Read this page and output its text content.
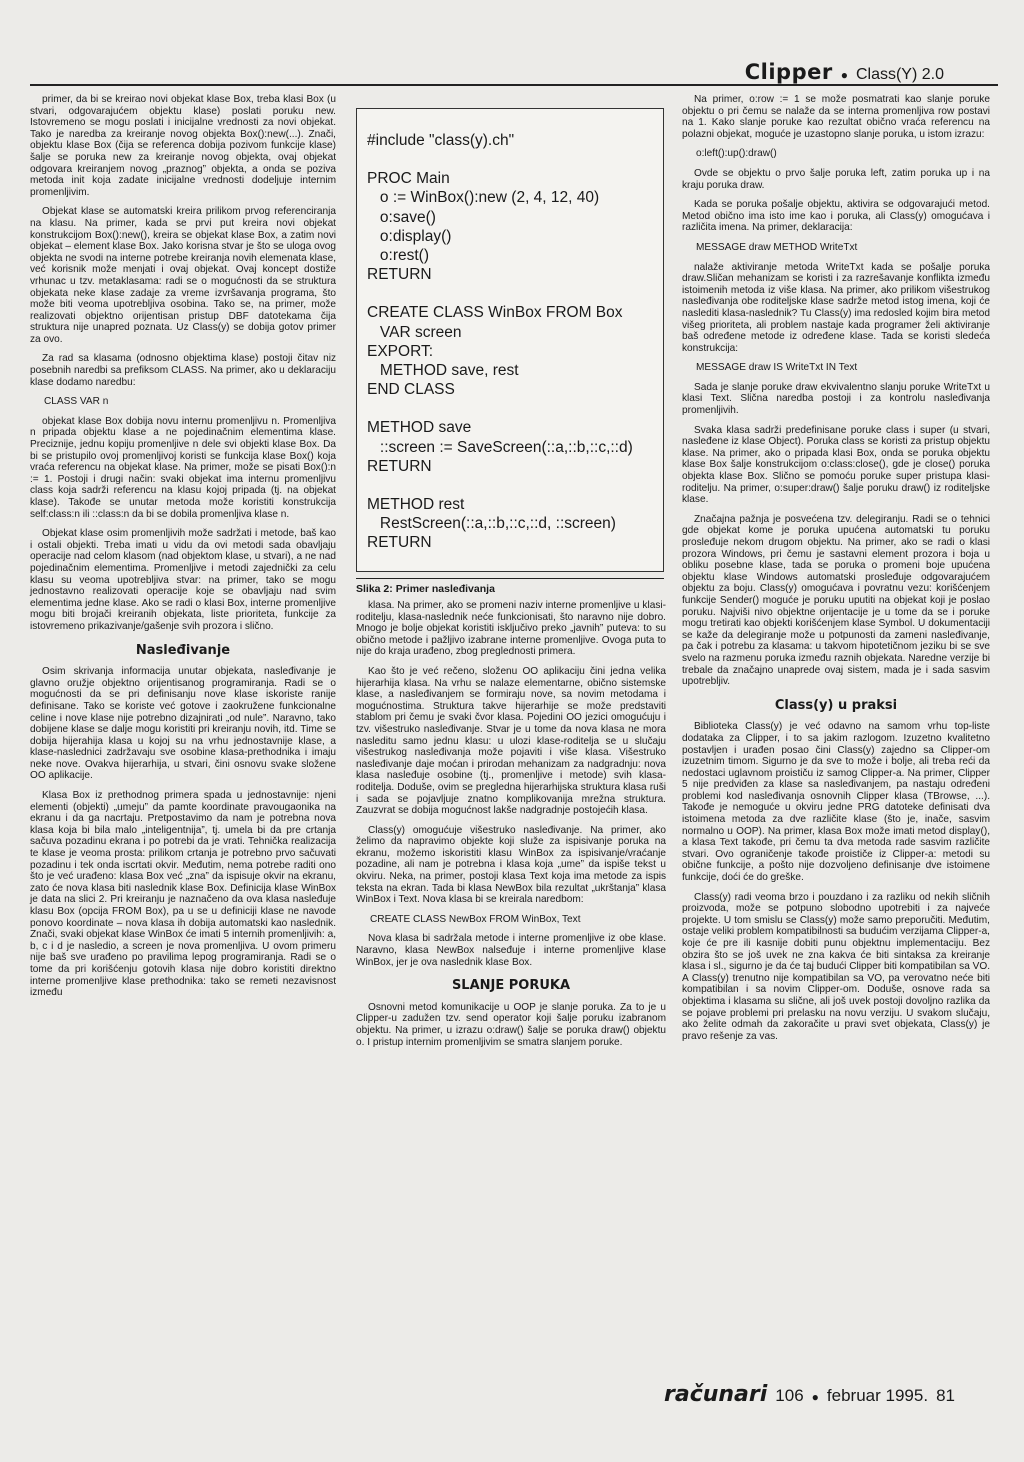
Clipper ● Class(Y) 2.0

primer, da bi se kreirao novi objekat klase Box, treba klasi Box (u stvari, odgovarajućem objektu klase) poslati poruku new. Istovremeno se mogu poslati i inicijalne vrednosti za novi objekat. Tako je naredba za kreiranje novog objekta Box():new(...). Znači, objektu klase Box (čija se referenca dobija pozivom funkcije klase) šalje se poruka new za kreiranje novog objekta, ovaj objekat odgovara kreiranjem novog „praznog” objekta, a onda se poziva metoda init koja zadate inicijalne vrednosti dodeljuje internim promenljivim.

Objekat klase se automatski kreira prilikom prvog referenciranja na klasu. Na primer, kada se prvi put kreira novi objekat konstrukcijom Box():new(), kreira se objekat klase Box, a zatim novi objekat – element klase Box. Jako korisna stvar je što se uloga ovog objekta ne svodi na interne potrebe kreiranja novih elemenata klase, već korisnik može menjati i ovaj objekat. Ovaj koncept dostiže vrhunac u tzv. metaklasama: radi se o mogućnosti da se struktura objekata neke klase zadaje za vreme izvršavanja programa, što može biti veoma upotrebljiva osobina. Tako se, na primer, može realizovati objektno orijentisan pristup DBF datotekama čija struktura nije unapred poznata. Uz Class(y) se dobija gotov primer za ovo.

Za rad sa klasama (odnosno objektima klase) postoji čitav niz posebnih naredbi sa prefiksom CLASS. Na primer, ako u deklaraciju klase dodamo naredbu:

CLASS VAR n

objekat klase Box dobija novu internu promenljivu n. Promenljiva n pripada objektu klase a ne pojedinačnim elementima klase. Preciznije, jednu kopiju promenljive n dele svi objekti klase Box. Da bi se pristupilo ovoj promenljivoj koristi se funkcija klase Box() koja vraća referencu na objekat klase. Na primer, može se pisati Box():n := 1. Postoji i drugi način: svaki objekat ima internu promenljivu class koja sadrži referencu na klasu kojoj pripada (tj. na objekat klase). Takođe se unutar metoda može koristiti konstrukcija self:class:n ili ::class:n da bi se dobila promenljiva klase n.

Objekat klase osim promenljivih može sadržati i metode, baš kao i ostali objekti. Treba imati u vidu da ovi metodi sada obavljaju operacije nad celom klasom (nad objektom klase, u stvari), a ne nad pojedinačnim elementima. Promenljive i metodi zajednički za celu klasu su veoma upotrebljiva stvar: na primer, tako se mogu jednostavno realizovati operacije koje se obavljaju nad svim elementima jedne klase. Ako se radi o klasi Box, interne promenljive mogu biti brojači kreiranih objekata, liste prioriteta, funkcije za istovremeno prikazivanje/gašenje svih prozora i slično.

Nasleđivanje

Osim skrivanja informacija unutar objekata, nasleđivanje je glavno oružje objektno orijentisanog programiranja. Radi se o mogućnosti da se pri definisanju nove klase iskoriste ranije definisane. Tako se koriste već gotove i zaokružene funkcionalne celine i nove klase nije potrebno dizajnirati „od nule”. Naravno, tako dobijene klase se dalje mogu koristiti pri kreiranju novih, itd. Time se dobija hijerahija klasa u kojoj su na vrhu jednostavnije klase, a klase-naslednici zadržavaju sve osobine klasa-prethodnika i imaju neke nove. Ovakva hijerarhija, u stvari, čini osnovu svake složene OO aplikacije.

Klasa Box iz prethodnog primera spada u jednostavnije: njeni elementi (objekti) „umeju” da pamte koordinate pravougaonika na ekranu i da ga nacrtaju. Pretpostavimo da nam je potrebna nova klasa koja bi bila malo „inteligentnija”, tj. umela bi da pre crtanja sačuva pozadinu ekrana i po potrebi da je vrati. Tehnička realizacija te klase je veoma prosta: prilikom crtanja je potrebno prvo sačuvati pozadinu i tek onda iscrtati okvir. Međutim, nema potrebe raditi ono što je već urađeno: klasa Box već „zna” da ispisuje okvir na ekranu, zato će nova klasa biti naslednik klase Box. Definicija klase WinBox je data na slici 2. Pri kreiranju je naznačeno da ova klasa nasleđuje klasu Box (opcija FROM Box), pa u se u definiciji klase ne navode ponovo koordinate – nova klasa ih dobija automatski kao naslednik. Znači, svaki objekat klase WinBox će imati 5 internih promenljivih: a, b, c i d je nasledio, a screen je nova promenljiva. U ovom primeru nije baš sve urađeno po pravilima lepog programiranja. Radi se o tome da pri korišćenju gotovih klasa nije dobro koristiti direktno interne promenljive klase prethodnika: tako se remeti nezavisnost između

#include "class(y).ch"
PROC Main
o := WinBox():new (2, 4, 12, 40)
o:save()
o:display()
o:rest()
RETURN
CREATE CLASS WinBox FROM Box
VAR screen
EXPORT:
METHOD save, rest
END CLASS
METHOD save
::screen := SaveScreen(::a,::b,::c,::d)
RETURN
METHOD rest
RestScreen(::a,::b,::c,::d, ::screen)
RETURN
Slika 2: Primer nasleđivanja

klasa. Na primer, ako se promeni naziv interne promenljive u klasi-roditelju, klasa-naslednik neće funkcionisati, što naravno nije dobro. Mnogo je bolje objekat koristiti isključivo preko „javnih” puteva: to su obično metode i pažljivo izabrane interne promenljive. Ovoga puta to nije do kraja urađeno, zbog preglednosti primera.

Kao što je već rečeno, složenu OO aplikaciju čini jedna velika hijerarhija klasa. Na vrhu se nalaze elementarne, obično sistemske klase, a nasleđivanjem se formiraju nove, sa novim metodama i mogućnostima. Struktura takve hijerarhije se može predstaviti stablom pri čemu je svaki čvor klasa. Pojedini OO jezici omogućuju i tzv. višestruko nasleđivanje. Stvar je u tome da nova klasa ne mora nasleditu samo jednu klasu: u ulozi klase-roditelja se u slučaju višestrukog nasleđivanja može pojaviti i više klasa. Višestruko nasleđivanje daje moćan i prirodan mehanizam za nadgradnju: nova klasa nasleđuje osobine (tj., promenljive i metode) svih klasa-roditelja. Doduše, ovim se pregledna hijerarhijska struktura klasa ruši i sada se pojavljuje znatno komplikovanija mrežna struktura. Zauzvrat se dobija mogućnost lakše nadgradnje postojećih klasa.

Class(y) omogućuje višestruko nasleđivanje. Na primer, ako želimo da napravimo objekte koji služe za ispisivanje poruka na ekranu, možemo iskoristiti klasu WinBox za ispisivanje/vraćanje pozadine, ali nam je potrebna i klasa koja „ume” da ispiše tekst u okviru. Neka, na primer, postoji klasa Text koja ima metode za ispis teksta na ekran. Tada bi klasa NewBox bila rezultat „ukrštanja” klasa WinBox i Text. Nova klasa bi se kreirala naredbom:

CREATE CLASS NewBox FROM WinBox, Text

Nova klasa bi sadržala metode i interne promenljive iz obe klase. Naravno, klasa NewBox nalseđuje i interne promenljive klase WinBox, jer je ova naslednik klase Box.

SLANJE PORUKA

Osnovni metod komunikacije u OOP je slanje poruka. Za to je u Clipper-u zadužen tzv. send operator koji šalje poruku izabranom objektu. Na primer, u izrazu o:draw() šalje se poruka draw() objektu o. I pristup internim promenljivim se smatra slanjem poruke.

Na primer, o:row := 1 se može posmatrati kao slanje poruke objektu o pri čemu se nalaže da se interna promenljiva row postavi na 1. Kako slanje poruke kao rezultat obično vraća referencu na polazni objekat, moguće je uzastopno slanje poruka, u istom izrazu:

o:left():up():draw()

Ovde se objektu o prvo šalje poruka left, zatim poruka up i na kraju poruka draw.

Kada se poruka pošalje objektu, aktivira se odgovarajući metod. Metod obično ima isto ime kao i poruka, ali Class(y) omogućava i različita imena. Na primer, deklaracija:

MESSAGE draw METHOD WriteTxt

nalaže aktiviranje metoda WriteTxt kada se pošalje poruka draw.Sličan mehanizam se koristi i za razrešavanje konflikta između istoimenih metoda iz više klasa. Na primer, ako prilikom višestrukog nasleđivanja obe roditeljske klase sadrže metod istog imena, koji će naslediti klasa-naslednik? Tu Class(y) ima redosled kojim bira metod višeg prioriteta, ali problem nastaje kada programer želi aktiviranje baš određene metode iz određene klase. Tada se koristi sledeća konstrukcija:

MESSAGE draw IS WriteTxt IN Text

Sada je slanje poruke draw ekvivalentno slanju poruke WriteTxt u klasi Text. Slična naredba postoji i za kontrolu nasleđivanja promenljivih.

Svaka klasa sadrži predefinisane poruke class i super (u stvari, nasleđene iz klase Object). Poruka class se koristi za pristup objektu klase. Na primer, ako o pripada klasi Box, onda se poruka objektu klase Box šalje konstrukcijom o:class:close(), gde je close() poruka objekta klase Box. Slično se pomoću poruke super pristupa klasi-roditelju. Na primer, o:super:draw() šalje poruku draw() iz roditeljske klase.

Značajna pažnja je posvećena tzv. delegiranju. Radi se o tehnici gde objekat kome je poruka upućena automatski tu poruku prosleđuje nekom drugom objektu. Na primer, ako se radi o klasi prozora Windows, pri čemu je sastavni element prozora i boja u obliku posebne klase, tada se poruka o promeni boje upućena objektu klase Windows automatski prosleđuje odgovarajućem objektu za boju. Class(y) omogućava i povratnu vezu: korišćenjem funkcije Sender() moguće je poruku uputiti na objekat koji je poslao poruku. Najviši nivo objektne orijentacije je u tome da se i poruke mogu tretirati kao objekti korišćenjem klase Symbol. U dokumentaciji se kaže da delegiranje može u potpunosti da zameni nasleđivanje, pa čak i potrebu za klasama: u takvom hipotetičnom jeziku bi se sve svelo na razmenu poruka između raznih objekata. Naredne verzije bi trebale da značajno unaprede ovaj sistem, mada je i sada sasvim upotrebljiv.

Class(y) u praksi

Biblioteka Class(y) je već odavno na samom vrhu top-liste dodataka za Clipper, i to sa jakim razlogom. Izuzetno kvalitetno postavljen i urađen posao čini Class(y) zajedno sa Clipper-om izuzetnim timom. Sigurno je da sve to može i bolje, ali treba reći da nedostaci uglavnom proističu iz samog Clipper-a. Na primer, Clipper 5 nije predviđen za klase sa nasleđivanjem, pa nastaju određeni problemi kod nasleđivanja osnovnih Clipper klasa (TBrowse, ...). Takođe je nemoguće u okviru jedne PRG datoteke definisati dva istoimena metoda za dve različite klase (što je, inače, sasvim normalno u OOP). Na primer, klasa Box može imati metod display(), a klasa Text takođe, pri čemu ta dva metoda rade sasvim različite stvari. Ovo ograničenje takođe proističe iz Clipper-a: metodi su obične funkcije, a pošto nije dozvoljeno definisanje dve istoimene funkcije, doći će do greške.

Class(y) radi veoma brzo i pouzdano i za razliku od nekih sličnih proizvoda, može se potpuno slobodno upotrebiti i za najveće projekte. U tom smislu se Class(y) može samo preporučiti. Međutim, ostaje veliki problem kompatibilnosti sa budućim verzijama Clipper-a, koje će pre ili kasnije dobiti punu objektnu implementaciju. Bez obzira što se još uvek ne zna kakva će biti sintaksa za kreiranje klasa i sl., sigurno je da će taj budući Clipper biti kompatibilan sa VO. A Class(y) trenutno nije kompatibilan sa VO, pa verovatno neće biti kompatibilan i sa novim Clipper-om. Doduše, osnove rada sa objektima i klasama su slične, ali još uvek postoji dovoljno razlika da se pojave problemi pri prelasku na novu verziju. U svakom slučaju, ako želite odmah da zakoračite u pravi svet objekata, Class(y) je pravo rešenje za vas.

računari 106 ● februar 1995. 81
